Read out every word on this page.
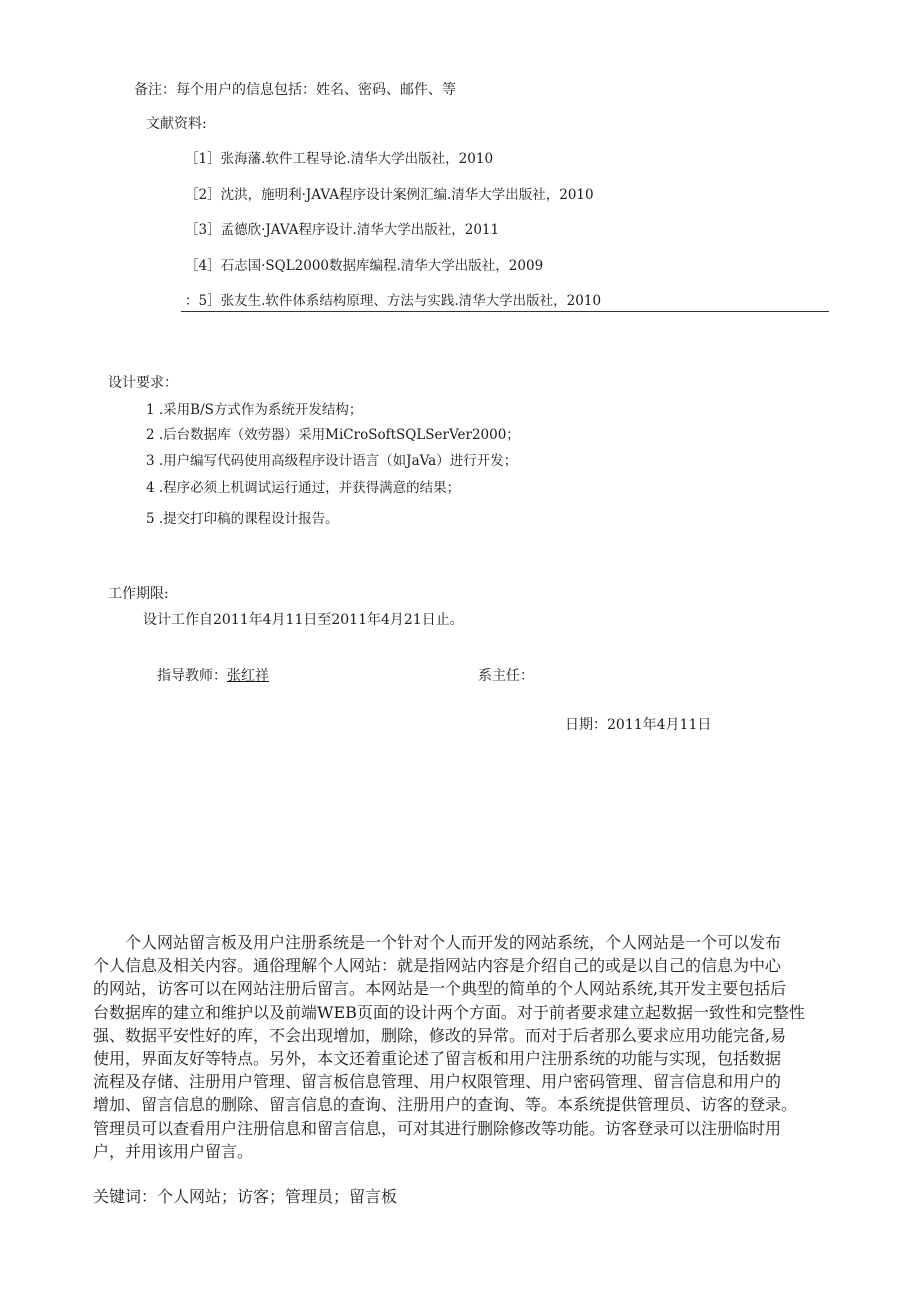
备注：每个用户的信息包括：姓名、密码、邮件、等
文献资料:
［1］张海藩.软件工程导论.清华大学出版社，2010
［2］沈洪，施明利·JAVA程序设计案例汇编.清华大学出版社，2010
［3］孟德欣·JAVA程序设计.清华大学出版社，2011
［4］石志国·SQL2000数据库编程.清华大学出版社，2009
：5］张友生.软件体系结构原理、方法与实践.清华大学出版社，2010
设计要求：
1 .采用B/S方式作为系统开发结构；
2 .后台数据库（效劳器）采用MiCroSoftSQLSerVer2000；
3 .用户编写代码使用高级程序设计语言（如JaVa）进行开发；
4 .程序必须上机调试运行通过，并获得满意的结果；
5 .提交打印稿的课程设计报告。
工作期限:
设计工作自2011年4月11日至2011年4月21日止。
指导教师：张红祥	系主任：
日期：2011年4月11日
个人网站留言板及用户注册系统是一个针对个人而开发的网站系统，个人网站是一个可以发布
个人信息及相关内容。通俗理解个人网站：就是指网站内容是介绍自己的或是以自己的信息为中心
的网站，访客可以在网站注册后留言。本网站是一个典型的简单的个人网站系统,其开发主要包括后
台数据库的建立和维护以及前端WEB页面的设计两个方面。对于前者要求建立起数据一致性和完整性
强、数据平安性好的库，不会出现增加，删除，修改的异常。而对于后者那么要求应用功能完备,易
使用，界面友好等特点。另外，本文还着重论述了留言板和用户注册系统的功能与实现，包括数据
流程及存储、注册用户管理、留言板信息管理、用户权限管理、用户密码管理、留言信息和用户的
增加、留言信息的删除、留言信息的查询、注册用户的查询、等。本系统提供管理员、访客的登录。
管理员可以查看用户注册信息和留言信息，可对其进行删除修改等功能。访客登录可以注册临时用
户，并用该用户留言。
关键词：个人网站；访客；管理员；留言板
